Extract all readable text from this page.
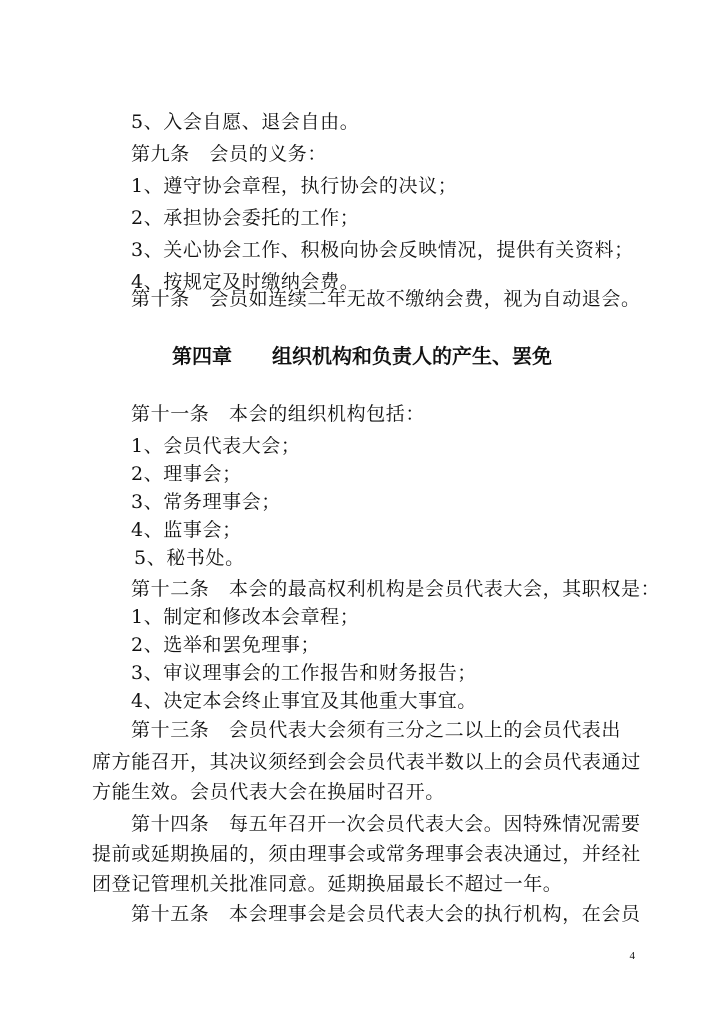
5、入会自愿、退会自由。
第九条　会员的义务：
1、遵守协会章程，执行协会的决议；
2、承担协会委托的工作；
3、关心协会工作、积极向协会反映情况，提供有关资料；
4、按规定及时缴纳会费。
第十条　会员如连续二年无故不缴纳会费，视为自动退会。
第四章　　组织机构和负责人的产生、罢免
第十一条　本会的组织机构包括：
1、会员代表大会；
2、理事会；
3、常务理事会；
4、监事会；
5、秘书处。
第十二条　本会的最高权利机构是会员代表大会，其职权是：
1、制定和修改本会章程；
2、选举和罢免理事；
3、审议理事会的工作报告和财务报告；
4、决定本会终止事宜及其他重大事宜。
第十三条　会员代表大会须有三分之二以上的会员代表出
席方能召开，其决议须经到会会员代表半数以上的会员代表通过
方能生效。会员代表大会在换届时召开。
第十四条　每五年召开一次会员代表大会。因特殊情况需要
提前或延期换届的，须由理事会或常务理事会表决通过，并经社
团登记管理机关批准同意。延期换届最长不超过一年。
第十五条　本会理事会是会员代表大会的执行机构，在会员
4
